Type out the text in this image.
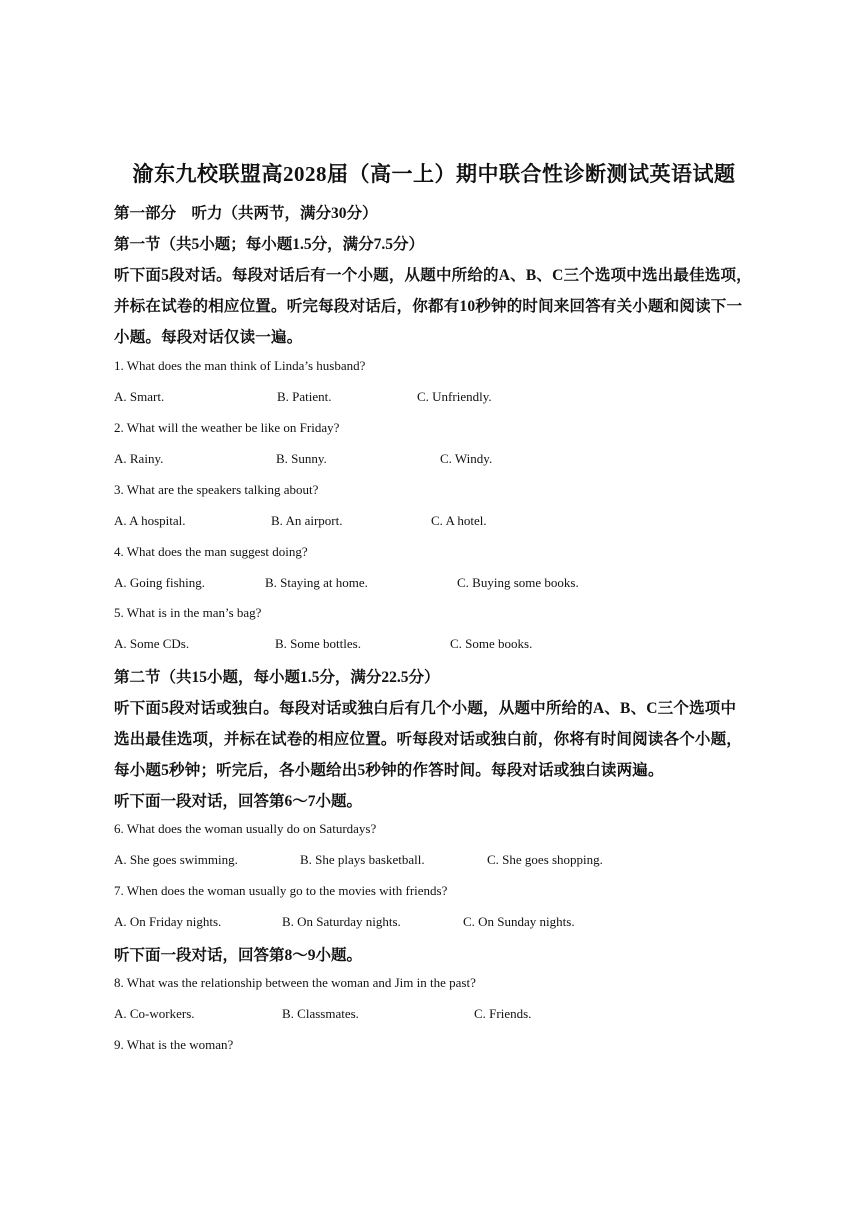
渝东九校联盟高2028届（高一上）期中联合性诊断测试英语试题
第一部分　听力（共两节，满分30分）
第一节（共5小题；每小题1.5分，满分7.5分）
听下面5段对话。每段对话后有一个小题，从题中所给的A、B、C三个选项中选出最佳选项，
并标在试卷的相应位置。听完每段对话后，你都有10秒钟的时间来回答有关小题和阅读下一
小题。每段对话仅读一遍。
1. What does the man think of Linda’s husband?
A. Smart.	B. Patient.	C. Unfriendly.
2. What will the weather be like on Friday?
A. Rainy.	B. Sunny.	C. Windy.
3. What are the speakers talking about?
A. A hospital.	B. An airport.	C. A hotel.
4. What does the man suggest doing?
A. Going fishing.	B. Staying at home.	C. Buying some books.
5. What is in the man’s bag?
A. Some CDs.	B. Some bottles.	C. Some books.
第二节（共15小题，每小题1.5分，满分22.5分）
听下面5段对话或独白。每段对话或独白后有几个小题，从题中所给的A、B、C三个选项中
选出最佳选项，并标在试卷的相应位置。听每段对话或独白前，你将有时间阅读各个小题，
每小题5秒钟；听完后，各小题给出5秒钟的作答时间。每段对话或独白读两遍。
听下面一段对话，回答第6～7小题。
6. What does the woman usually do on Saturdays?
A. She goes swimming.	B. She plays basketball.	C. She goes shopping.
7. When does the woman usually go to the movies with friends?
A. On Friday nights.	B. On Saturday nights.	C. On Sunday nights.
听下面一段对话，回答第8～9小题。
8. What was the relationship between the woman and Jim in the past?
A. Co-workers.	B. Classmates.	C. Friends.
9. What is the woman?
